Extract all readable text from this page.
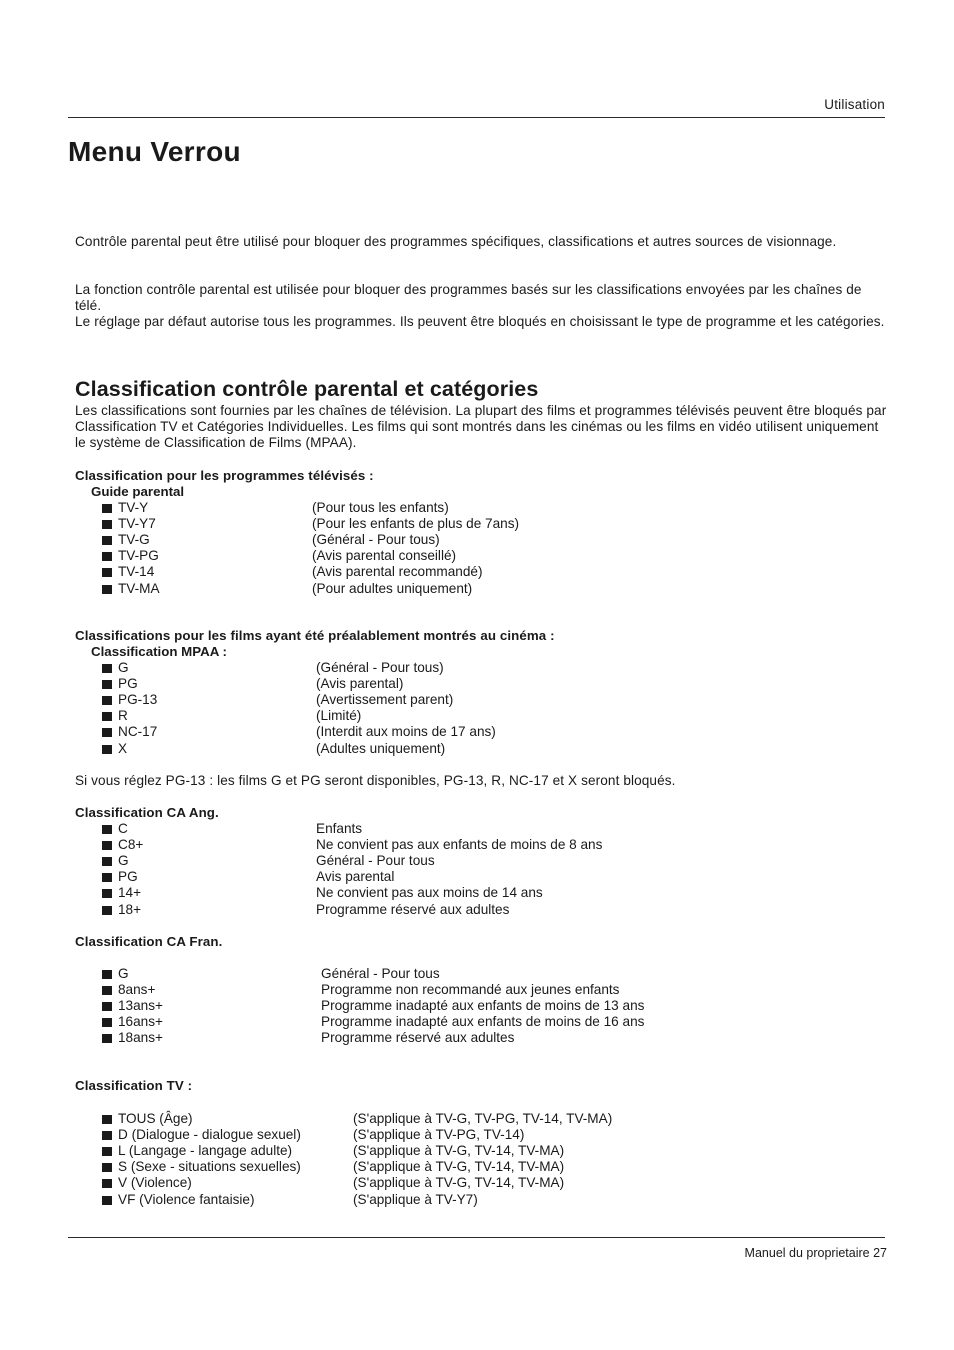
Utilisation
Menu Verrou
Contrôle parental peut être utilisé pour bloquer des programmes spécifiques, classifications et autres sources de visionnage.
La fonction contrôle parental est utilisée pour bloquer des programmes basés sur les classifications envoyées par les chaînes de télé.
Le réglage par défaut autorise tous les programmes. Ils peuvent être bloqués en choisissant le type de programme et les catégories.
Classification contrôle parental et catégories
Les classifications sont fournies par les chaînes de télévision. La plupart des films et programmes télévisés peuvent être bloqués par Classification TV et Catégories Individuelles. Les films qui sont montrés dans les cinémas ou les films en vidéo utilisent uniquement le système de Classification de Films (MPAA).
Classification pour les programmes télévisés :
Guide parental
TV-Y	(Pour tous les enfants)
TV-Y7	(Pour les enfants de plus de 7ans)
TV-G	(Général - Pour tous)
TV-PG	(Avis parental conseillé)
TV-14	(Avis parental recommandé)
TV-MA	(Pour adultes uniquement)
Classifications pour les films ayant été préalablement montrés au cinéma :
Classification MPAA :
G	(Général - Pour tous)
PG	(Avis parental)
PG-13	(Avertissement parent)
R	(Limité)
NC-17	(Interdit aux moins de 17 ans)
X	(Adultes uniquement)
Si vous réglez PG-13 : les films G et PG seront disponibles, PG-13, R, NC-17 et X seront bloqués.
Classification CA Ang.
C	Enfants
C8+	Ne convient pas aux enfants de moins de 8 ans
G	Général - Pour tous
PG	Avis parental
14+	Ne convient pas aux moins de 14 ans
18+	Programme réservé aux adultes
Classification CA Fran.
G	Général - Pour tous
8ans+	Programme non recommandé aux jeunes enfants
13ans+	Programme inadapté aux enfants de moins de 13 ans
16ans+	Programme inadapté aux enfants de moins de 16 ans
18ans+	Programme réservé aux adultes
Classification TV :
TOUS (Âge)	(S'applique à TV-G, TV-PG, TV-14, TV-MA)
D (Dialogue - dialogue sexuel)	(S'applique à TV-PG, TV-14)
L (Langage - langage adulte)	(S'applique à TV-G, TV-14, TV-MA)
S (Sexe - situations sexuelles)	(S'applique à TV-G, TV-14, TV-MA)
V (Violence)	(S'applique à TV-G, TV-14, TV-MA)
VF (Violence fantaisie)	(S'applique à TV-Y7)
Manuel du proprietaire 27
